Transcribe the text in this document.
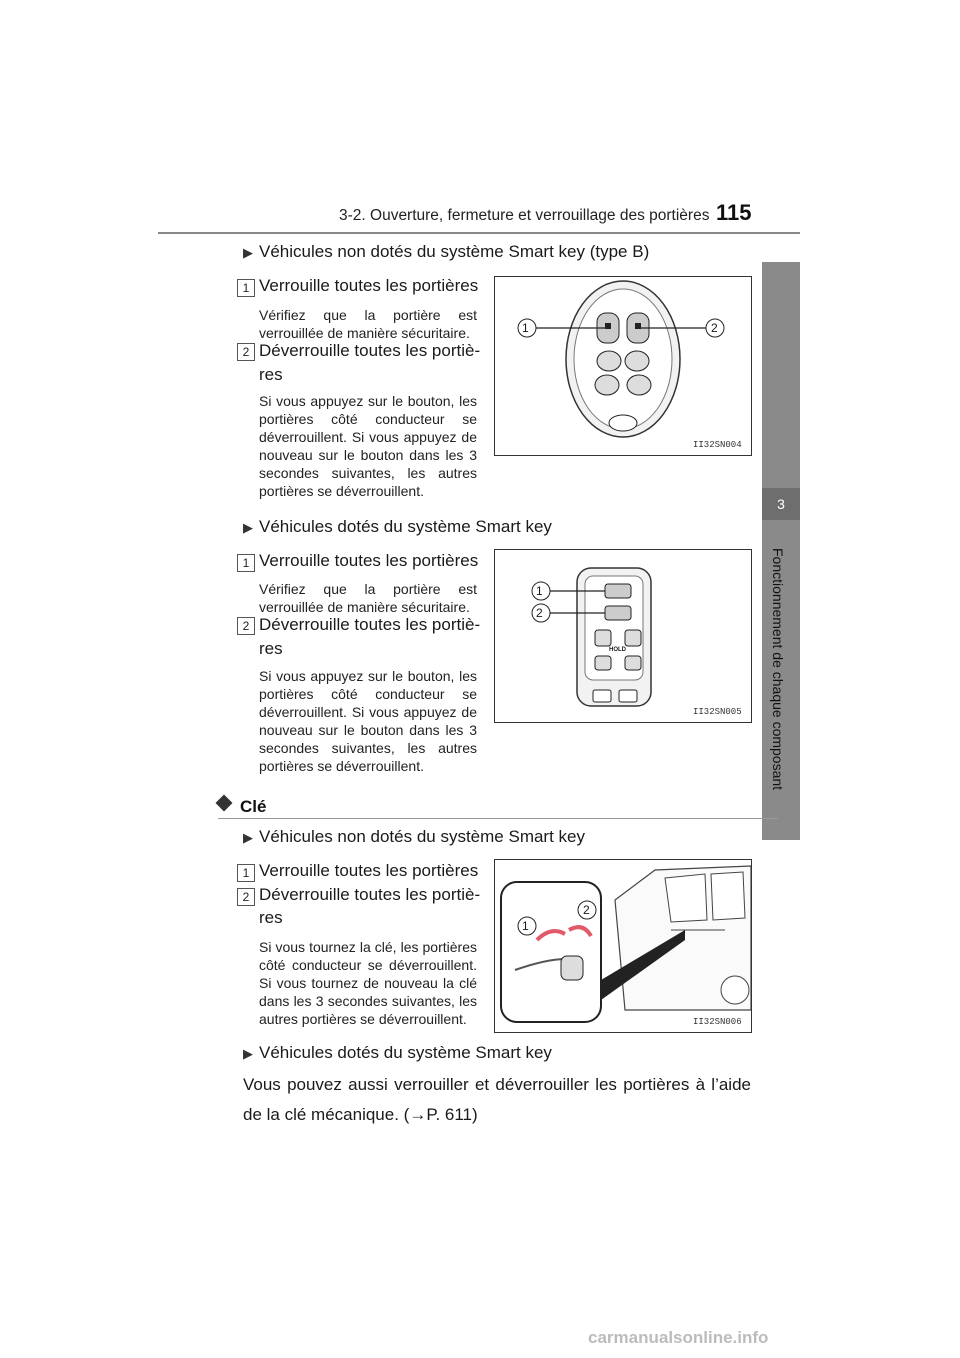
3-2. Ouverture, fermeture et verrouillage des portières 115
3
Fonctionnement de chaque composant
▶ Véhicules non dotés du système Smart key (type B)
1 Verrouille toutes les portières
Vérifiez que la portière est verrouillée de manière sécuritaire.
2 Déverrouille toutes les portiè-
res
Si vous appuyez sur le bouton, les portières côté conducteur se déverrouillent. Si vous appuyez de nouveau sur le bouton dans les 3 secondes suivantes, les autres portières se déverrouillent.
1	2
II32SN004
▶ Véhicules dotés du système Smart key
1 Verrouille toutes les portières
Vérifiez que la portière est verrouillée de manière sécuritaire.
2 Déverrouille toutes les portiè-
res
Si vous appuyez sur le bouton, les portières côté conducteur se déverrouillent. Si vous appuyez de nouveau sur le bouton dans les 3 secondes suivantes, les autres portières se déverrouillent.
1
2
HOLD
II32SN005
Clé
▶ Véhicules non dotés du système Smart key
1 Verrouille toutes les portières
2 Déverrouille toutes les portiè-
res
Si vous tournez la clé, les portières côté conducteur se déverrouillent. Si vous tournez de nouveau la clé dans les 3 secondes suivantes, les autres portières se déverrouillent.
1
2
II32SN006
▶ Véhicules dotés du système Smart key
Vous pouvez aussi verrouiller et déverrouiller les portières à l’aide de la clé mécanique. (→P. 611)
carmanualsonline.info
